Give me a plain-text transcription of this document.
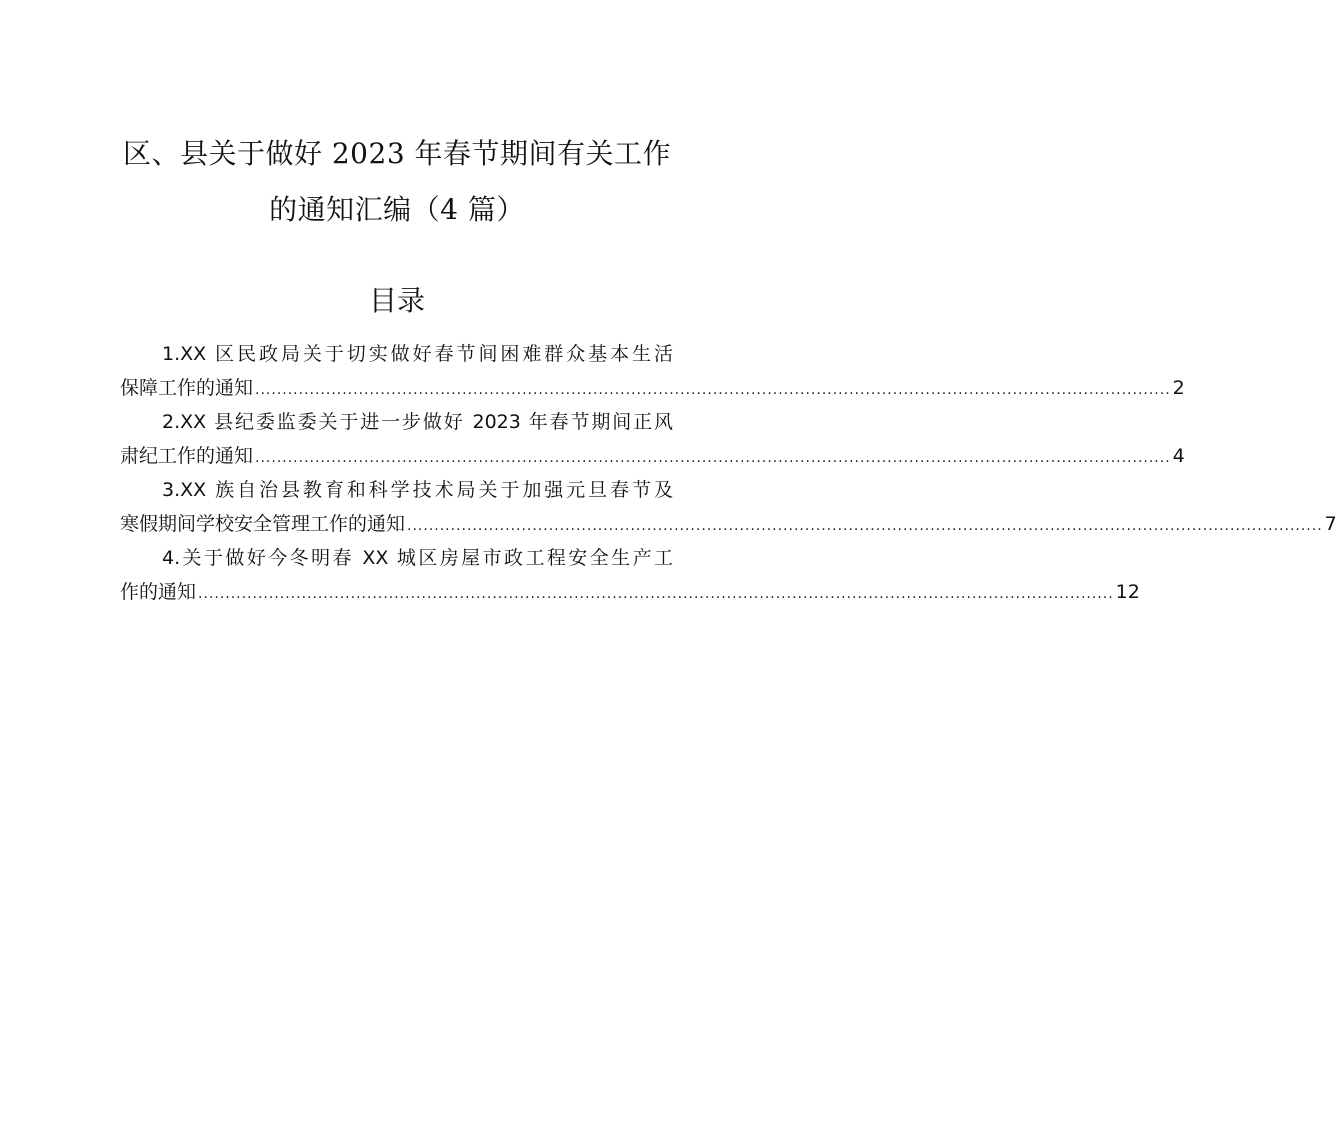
区、县关于做好 2023 年春节期间有关工作
的通知汇编（4 篇）
目录
1.XX 区民政局关于切实做好春节间困难群众基本生活
保障工作的通知 ........................................................................................................................................................................ 2
2.XX 县纪委监委关于进一步做好 2023 年春节期间正风
肃纪工作的通知 ........................................................................................................................................................................ 4
3.XX 族自治县教育和科学技术局关于加强元旦春节及
寒假期间学校安全管理工作的通知 ........................................................................................................................................................................ 7
4.关于做好今冬明春 XX 城区房屋市政工程安全生产工
作的通知 ........................................................................................................................................................................ 12
